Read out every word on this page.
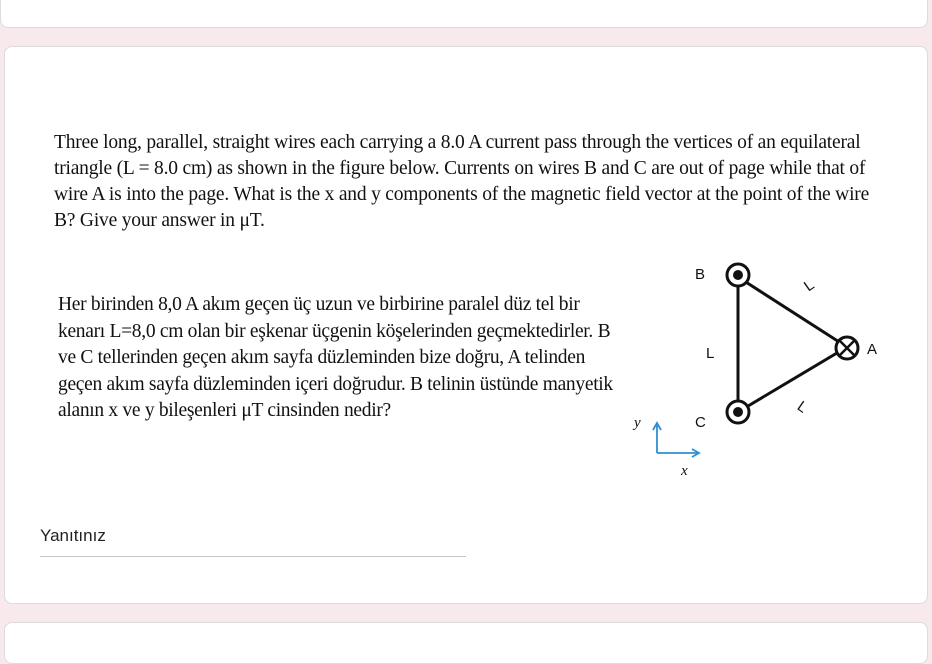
Three long, parallel, straight wires each carrying a 8.0 A current pass through the vertices of an equilateral triangle (L = 8.0 cm) as shown in the figure below. Currents on wires B and C are out of page while that of wire A is into the page. What is the x and y components of the magnetic field vector at the point of the wire B? Give your answer in μT.

Her birinden 8,0 A akım geçen üç uzun ve birbirine paralel düz tel bir kenarı L=8,0 cm olan bir eşkenar üçgenin köşelerinden geçmektedirler. B ve C tellerinden geçen akım sayfa düzleminden bize doğru, A telinden geçen akım sayfa düzleminden içeri doğrudur. B telinin üstünde manyetik alanın x ve y bileşenleri μT cinsinden nedir?

B
C
A
L
L
L
y
x
Yanıtınız
